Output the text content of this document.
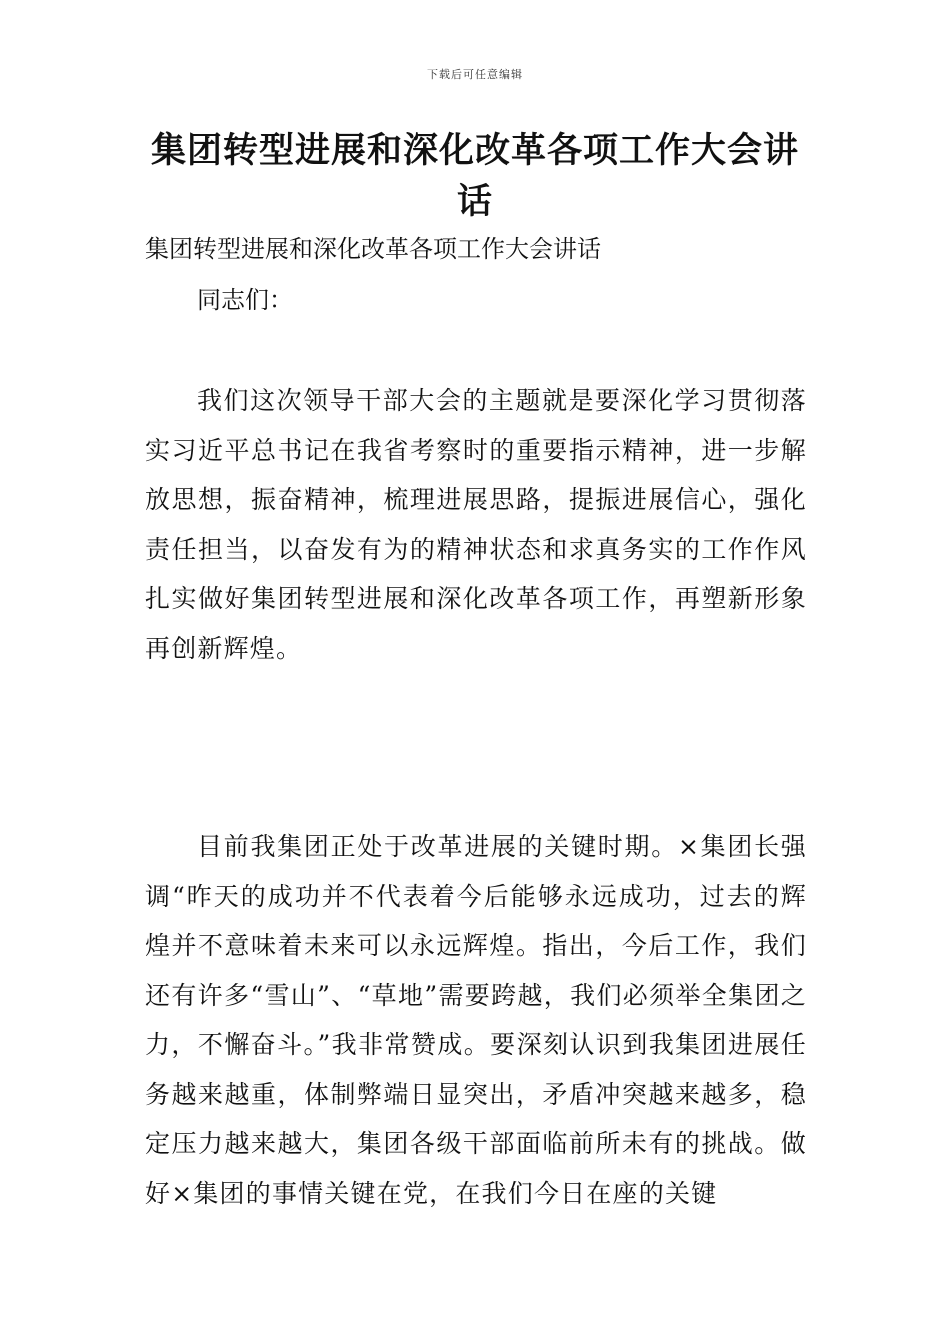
下载后可任意编辑
集团转型进展和深化改革各项工作大会讲话

集团转型进展和深化改革各项工作大会讲话

同志们：

我们这次领导干部大会的主题就是要深化学习贯彻落实习近平总书记在我省考察时的重要指示精神，进一步解放思想，振奋精神，梳理进展思路，提振进展信心，强化责任担当，以奋发有为的精神状态和求真务实的工作作风扎实做好集团转型进展和深化改革各项工作，再塑新形象再创新辉煌。

目前我集团正处于改革进展的关键时期。×集团长强调“昨天的成功并不代表着今后能够永远成功，过去的辉煌并不意味着未来可以永远辉煌。指出，今后工作，我们还有许多“雪山”、“草地”需要跨越，我们必须举全集团之力，不懈奋斗。”我非常赞成。要深刻认识到我集团进展任务越来越重，体制弊端日显突出，矛盾冲突越来越多，稳定压力越来越大，集团各级干部面临前所未有的挑战。做好×集团的事情关键在党，在我们今日在座的关键
